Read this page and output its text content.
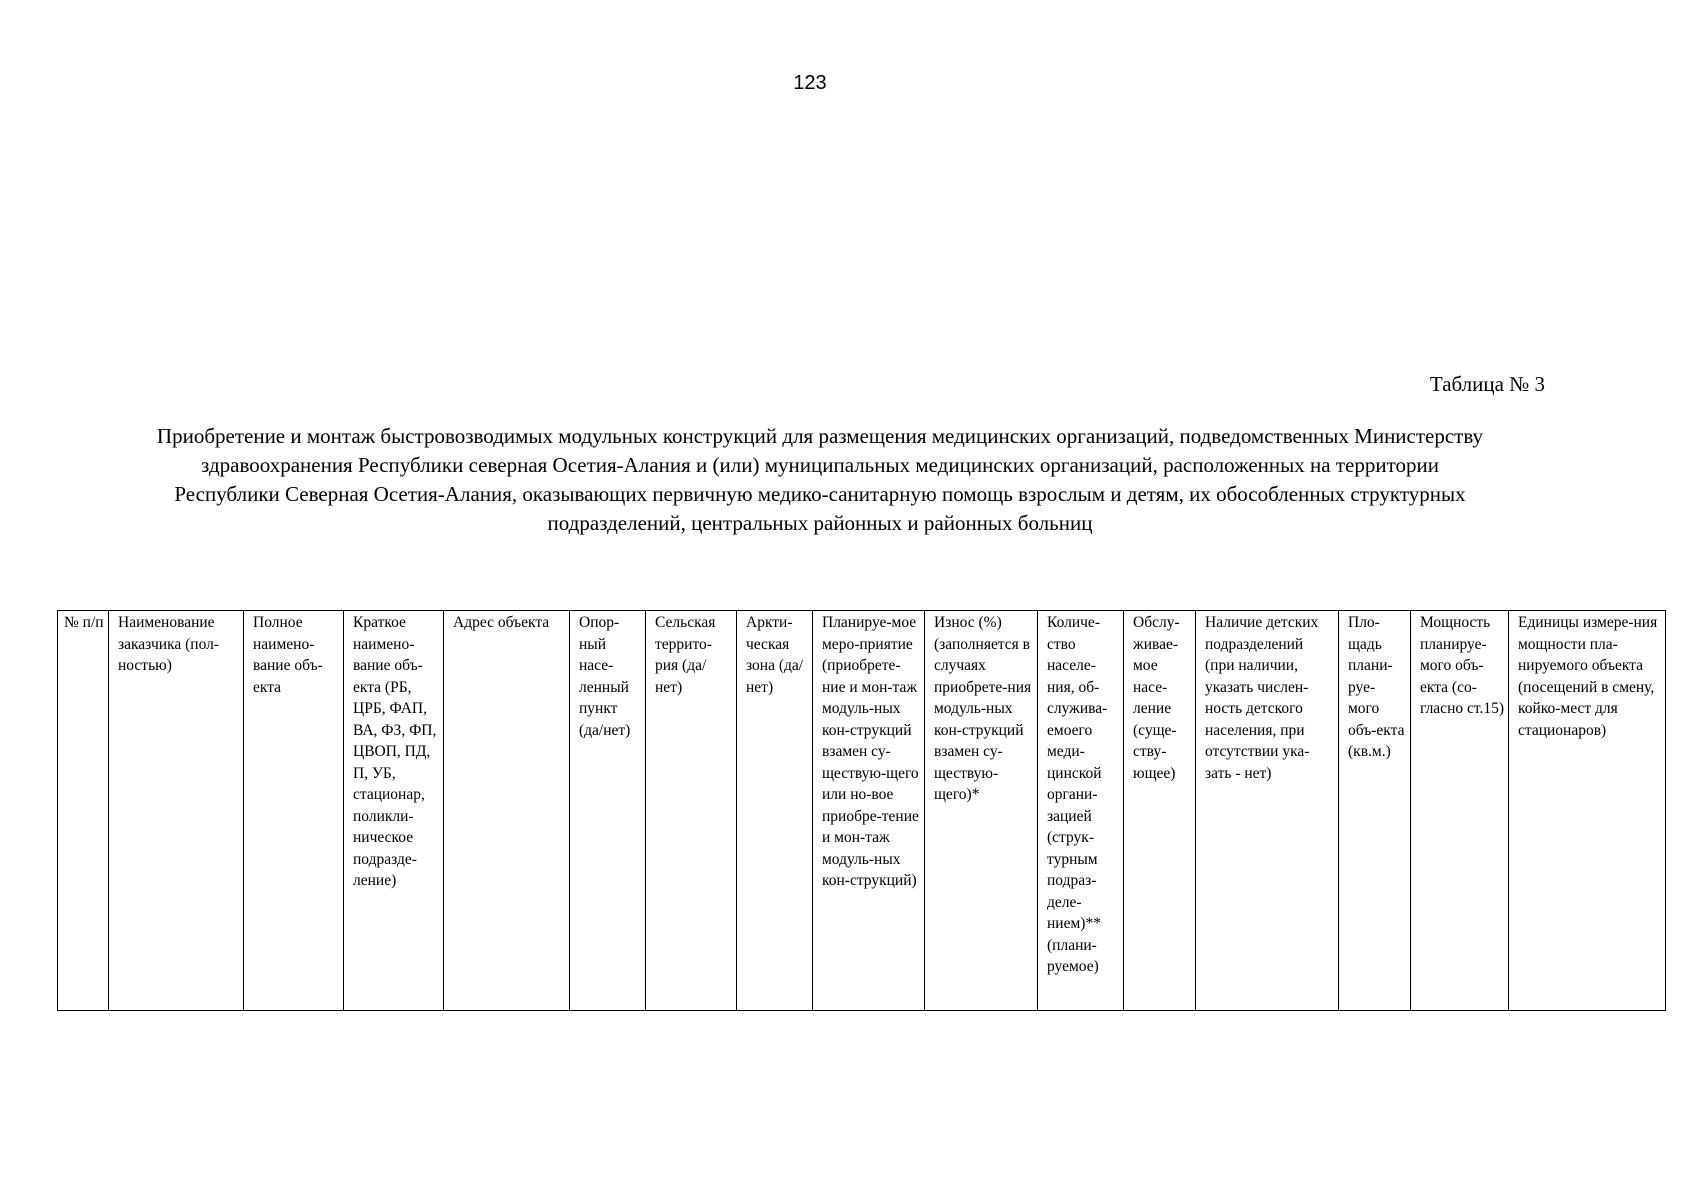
123
Таблица № 3
Приобретение и монтаж быстровозводимых модульных конструкций для размещения медицинских организаций, подведомственных Министерству
здравоохранения Республики северная Осетия-Алания и (или) муниципальных медицинских организаций, расположенных на территории
Республики Северная Осетия-Алания, оказывающих первичную медико-санитарную помощь взрослым и детям, их обособленных структурных
подразделений, центральных районных и районных больниц
№ п/п	Наименование заказчика (пол-ностью)	Полное наимено-вание объ-екта	Краткое наимено-вание объ-екта (РБ, ЦРБ, ФАП, ВА, ФЗ, ФП, ЦВОП, ПД, П, УБ, стационар, поликли-ническое подразде-ление)	Адрес объекта	Опор-ный насе-ленный пункт (да/нет)	Сельская террито-рия (да/нет)	Аркти-ческая зона (да/нет)	Планируе-мое меро-приятие (приобрете-ние и мон-таж модуль-ных кон-струкций взамен су-ществую-щего или но-вое приобре-тение и мон-таж модуль-ных кон-струкций)	Износ (%) (заполняется в случаях приобрете-ния модуль-ных кон-струкций взамен су-ществую-щего)*	Количе-ство населе-ния, об-служива-емоего меди-цинской органи-зацией (струк-турным подраз-деле-нием)** (плани-руемое)	Обслу-живае-мое насе-ление (суще-ству-ющее)	Наличие детских подразделений (при наличии, указать числен-ность детского населения, при отсутствии ука-зать - нет)	Пло-щадь плани-руе-мого объ-екта (кв.м.)	Мощность планируе-мого объ-екта (со-гласно ст.15)	Единицы измере-ния мощности пла-нируемого объекта (посещений в смену, койко-мест для стационаров)
